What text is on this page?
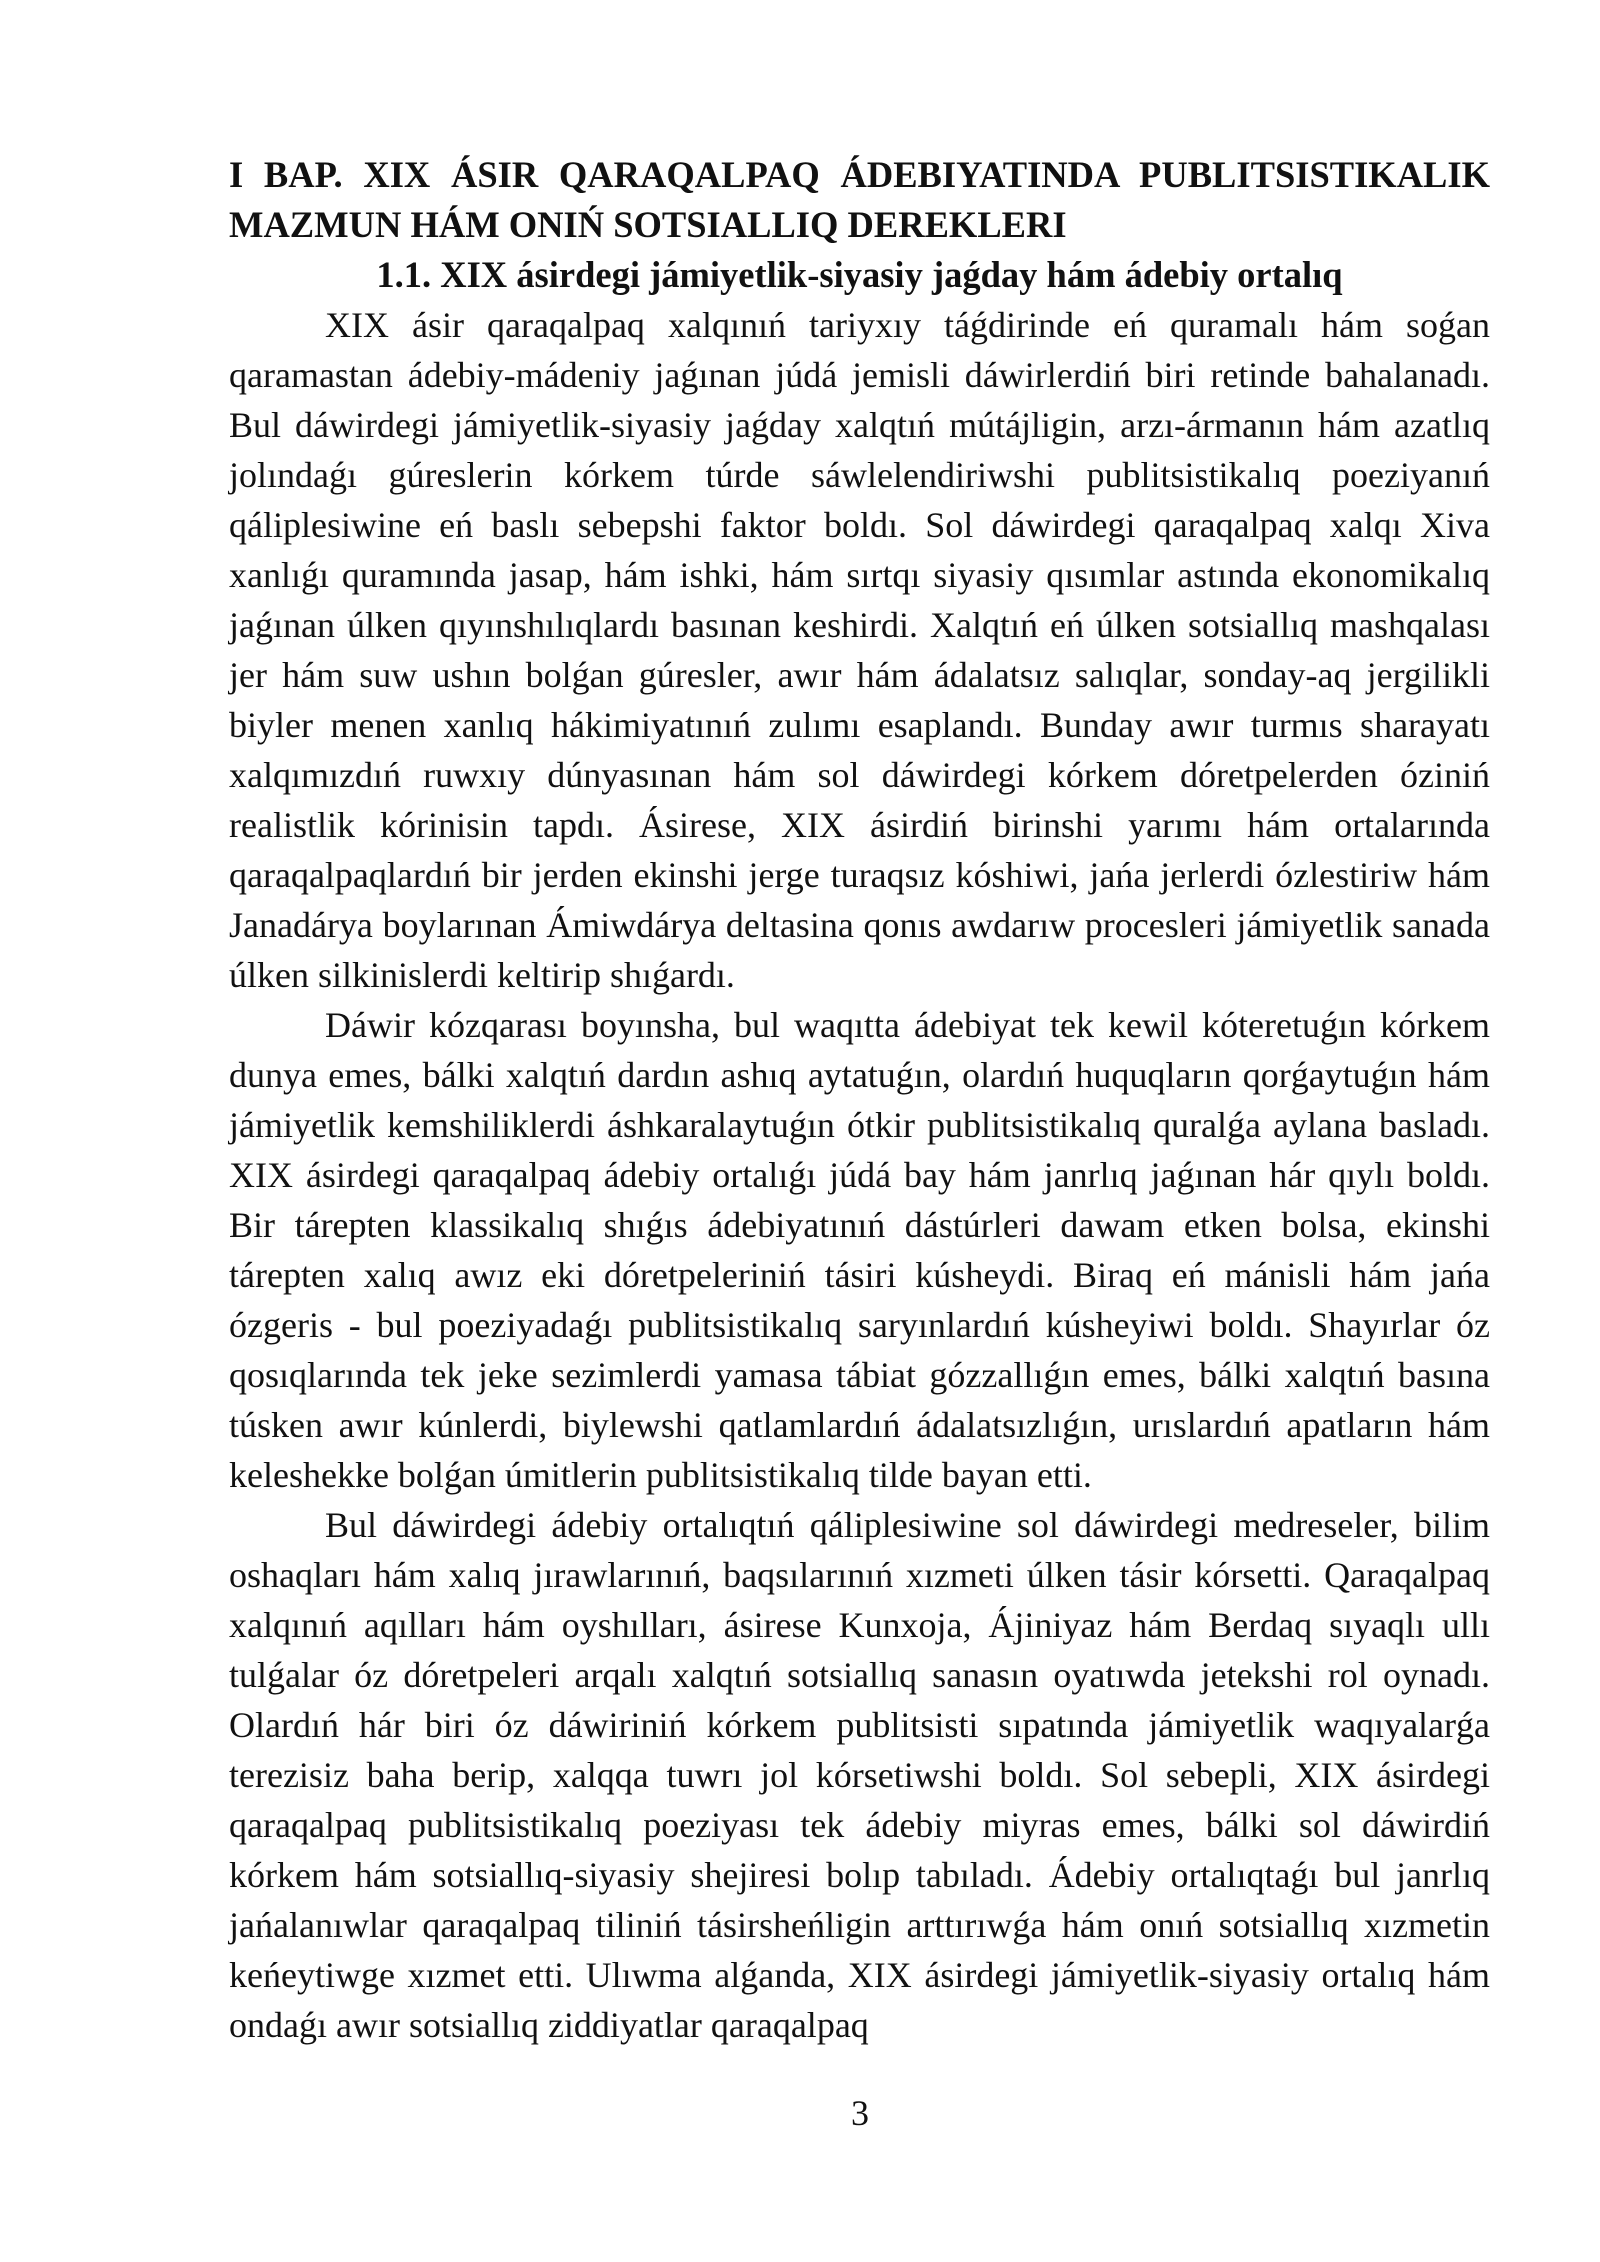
I BAP. XIX ÁSIR QARAQALPAQ ÁDEBIYATINDA PUBLITSISTIKALIK MAZMUN HÁM ONIŃ SOTSIALLIQ DEREKLERI
1.1. XIX ásirdegi jámiyetlik-siyasiy jaǵday hám ádebiy ortalıq

XIX ásir qaraqalpaq xalqınıń tariyxıy táǵdirinde eń quramalı hám soǵan qaramastan ádebiy-mádeniy jaǵınan júdá jemisli dáwirlerdiń biri retinde bahalanadı. Bul dáwirdegi jámiyetlik-siyasiy jaǵday xalqtıń mútájligin, arzı-ármanın hám azatlıq jolındaǵı gúreslerin kórkem túrde sáwlelendiriwshi publitsistikalıq poeziyanıń qáliplesiwine eń baslı sebepshi faktor boldı. Sol dáwirdegi qaraqalpaq xalqı Xiva xanlıǵı quramında jasap, hám ishki, hám sırtqı siyasiy qısımlar astında ekonomikalıq jaǵınan úlken qıyınshılıqlardı basınan keshirdi. Xalqtıń eń úlken sotsiallıq mashqalası jer hám suw ushın bolǵan gúresler, awır hám ádalatsız salıqlar, sonday-aq jergilikli biyler menen xanlıq hákimiyatınıń zulımı esaplandı. Bunday awır turmıs sharayatı xalqımızdıń ruwxıy dúnyasınan hám sol dáwirdegi kórkem dóretpelerden óziniń realistlik kórinisin tapdı. Ásirese, XIX ásirdiń birinshi yarımı hám ortalarında qaraqalpaqlardıń bir jerden ekinshi jerge turaqsız kóshiwi, jańa jerlerdi ózlestiriw hám Janadárya boylarınan Ámiwdárya deltasina qonıs awdarıw procesleri jámiyetlik sanada úlken silkinislerdi keltirip shıǵardı.

Dáwir kózqarası boyınsha, bul waqıtta ádebiyat tek kewil kóteretuǵın kórkem dunya emes, bálki xalqtıń dardın ashıq aytatuǵın, olardıń huquqların qorǵaytuǵın hám jámiyetlik kemshiliklerdi áshkaralaytuǵın ótkir publitsistikalıq quralǵa aylana basladı. XIX ásirdegi qaraqalpaq ádebiy ortalıǵı júdá bay hám janrlıq jaǵınan hár qıylı boldı. Bir tárepten klassikalıq shıǵıs ádebiyatınıń dástúrleri dawam etken bolsa, ekinshi tárepten xalıq awız eki dóretpeleriniń tásiri kúsheydi. Biraq eń mánisli hám jańa ózgeris - bul poeziyadaǵı publitsistikalıq saryınlardıń kúsheyiwi boldı. Shayırlar óz qosıqlarında tek jeke sezimlerdi yamasa tábiat gózzallıǵın emes, bálki xalqtıń basına túsken awır kúnlerdi, biylewshi qatlamlardıń ádalatsızlıǵın, urıslardıń apatların hám keleshekke bolǵan úmitlerin publitsistikalıq tilde bayan etti.

Bul dáwirdegi ádebiy ortalıqtıń qáliplesiwine sol dáwirdegi medreseler, bilim oshaqları hám xalıq jırawlarınıń, baqsılarınıń xızmeti úlken tásir kórsetti. Qaraqalpaq xalqınıń aqılları hám oyshılları, ásirese Kunxoja, Ájiniyaz hám Berdaq sıyaqlı ullı tulǵalar óz dóretpeleri arqalı xalqtıń sotsiallıq sanasın oyatıwda jetekshi rol oynadı. Olardıń hár biri óz dáwiriniń kórkem publitsisti sıpatında jámiyetlik waqıyalarǵa terezisiz baha berip, xalqqa tuwrı jol kórsetiwshi boldı. Sol sebepli, XIX ásirdegi qaraqalpaq publitsistikalıq poeziyası tek ádebiy miyras emes, bálki sol dáwirdiń kórkem hám sotsiallıq-siyasiy shejiresi bolıp tabıladı. Ádebiy ortalıqtaǵı bul janrlıq jańalanıwlar qaraqalpaq tiliniń tásirsheńligin arttırıwǵa hám onıń sotsiallıq xızmetin keńeytiwge xızmet etti. Ulıwma alǵanda, XIX ásirdegi jámiyetlik-siyasiy ortalıq hám ondaǵı awır sotsiallıq ziddiyatlar qaraqalpaq

3
